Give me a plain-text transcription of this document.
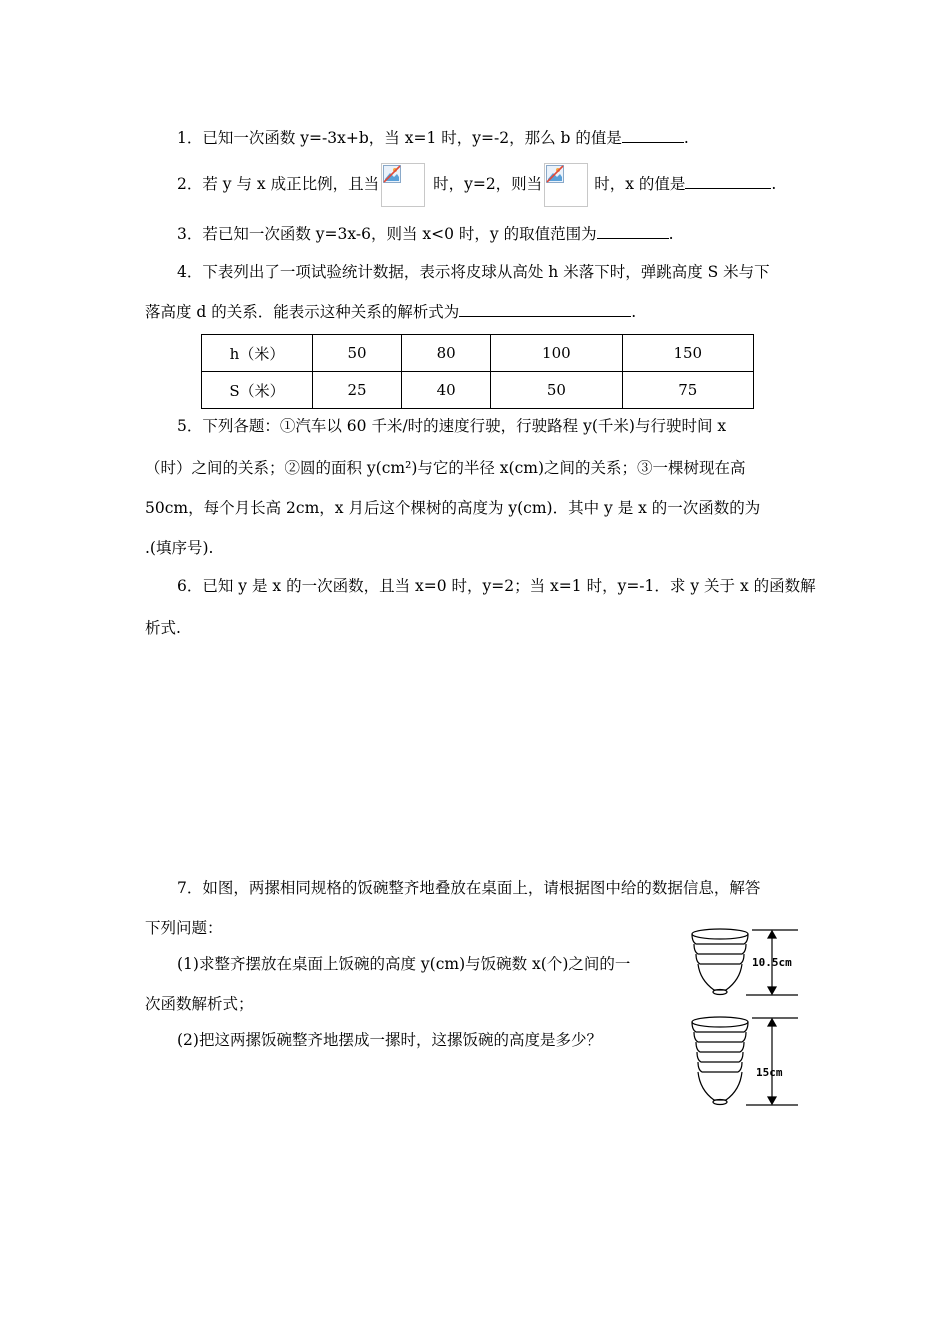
1．已知一次函数 y=-3x+b，当 x=1 时，y=-2，那么 b 的值是	.
2．若 y 与 x 成正比例，且当	时，y=2，则当	时，x 的值是	.
3．若已知一次函数 y=3x-6，则当 x<0 时，y 的取值范围为	.
4．下表列出了一项试验统计数据，表示将皮球从高处 h 米落下时，弹跳高度 S 米与下
落高度 d 的关系．能表示这种关系的解析式为	.
h（米）	50	80	100	150
S（米）	25	40	50	75
5．下列各题：①汽车以 60 千米/时的速度行驶，行驶路程 y(千米)与行驶时间 x
（时）之间的关系；②圆的面积 y(cm²)与它的半径 x(cm)之间的关系；③一棵树现在高
50cm，每个月长高 2cm，x 月后这个棵树的高度为 y(cm)．其中 y 是 x 的一次函数的为
.(填序号).
6．已知 y 是 x 的一次函数，且当 x=0 时，y=2；当 x=1 时，y=-1．求 y 关于 x 的函数解
析式.
7．如图，两摞相同规格的饭碗整齐地叠放在桌面上，请根据图中给的数据信息，解答
下列问题：
(1)求整齐摆放在桌面上饭碗的高度 y(cm)与饭碗数 x(个)之间的一
次函数解析式；
(2)把这两摞饭碗整齐地摆成一摞时，这摞饭碗的高度是多少？
10.5cm
15cm
